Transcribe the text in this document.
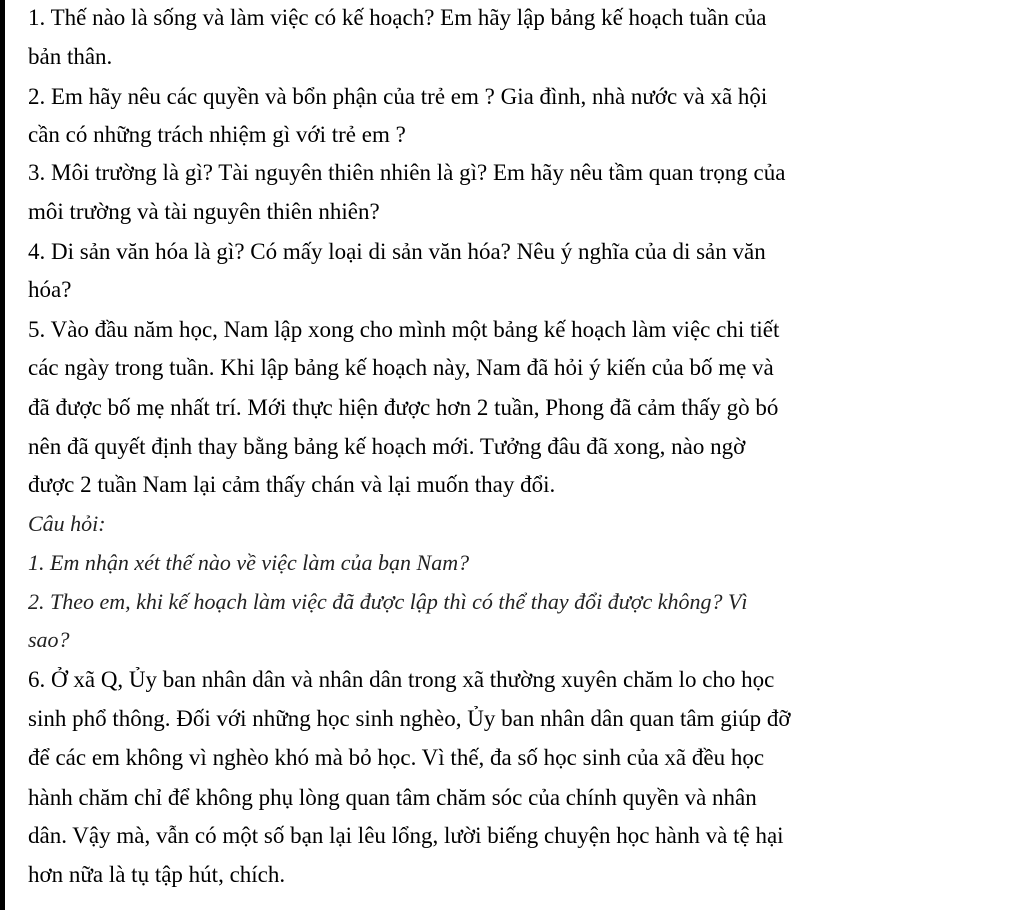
1. Thế nào là sống và làm việc có kế hoạch? Em hãy lập bảng kế hoạch tuần của
bản thân.
2. Em hãy nêu các quyền và bổn phận của trẻ em ? Gia đình, nhà nước và xã hội
cần có những trách nhiệm gì với trẻ em ?
3. Môi trường là gì? Tài nguyên thiên nhiên là gì? Em hãy nêu tầm quan trọng của
môi trường và tài nguyên thiên nhiên?
4. Di sản văn hóa là gì? Có mấy loại di sản văn hóa? Nêu ý nghĩa của di sản văn
hóa?
5. Vào đầu năm học, Nam lập xong cho mình một bảng kế hoạch làm việc chi tiết
các ngày trong tuần. Khi lập bảng kế hoạch này, Nam đã hỏi ý kiến của bố mẹ và
đã được bố mẹ nhất trí. Mới thực hiện được hơn 2 tuần, Phong đã cảm thấy gò bó
nên đã quyết định thay bằng bảng kế hoạch mới. Tưởng đâu đã xong, nào ngờ
được 2 tuần Nam lại cảm thấy chán và lại muốn thay đổi.
Câu hỏi:
1. Em nhận xét thế nào về việc làm của bạn Nam?
2. Theo em, khi kế hoạch làm việc đã được lập thì có thể thay đổi được không? Vì
sao?
6. Ở xã Q, Ủy ban nhân dân và nhân dân trong xã thường xuyên chăm lo cho học
sinh phổ thông. Đối với những học sinh nghèo, Ủy ban nhân dân quan tâm giúp đỡ
để các em không vì nghèo khó mà bỏ học. Vì thế, đa số học sinh của xã đều học
hành chăm chỉ để không phụ lòng quan tâm chăm sóc của chính quyền và nhân
dân. Vậy mà, vẫn có một số bạn lại lêu lổng, lười biếng chuyện học hành và tệ hại
hơn nữa là tụ tập hút, chích.
